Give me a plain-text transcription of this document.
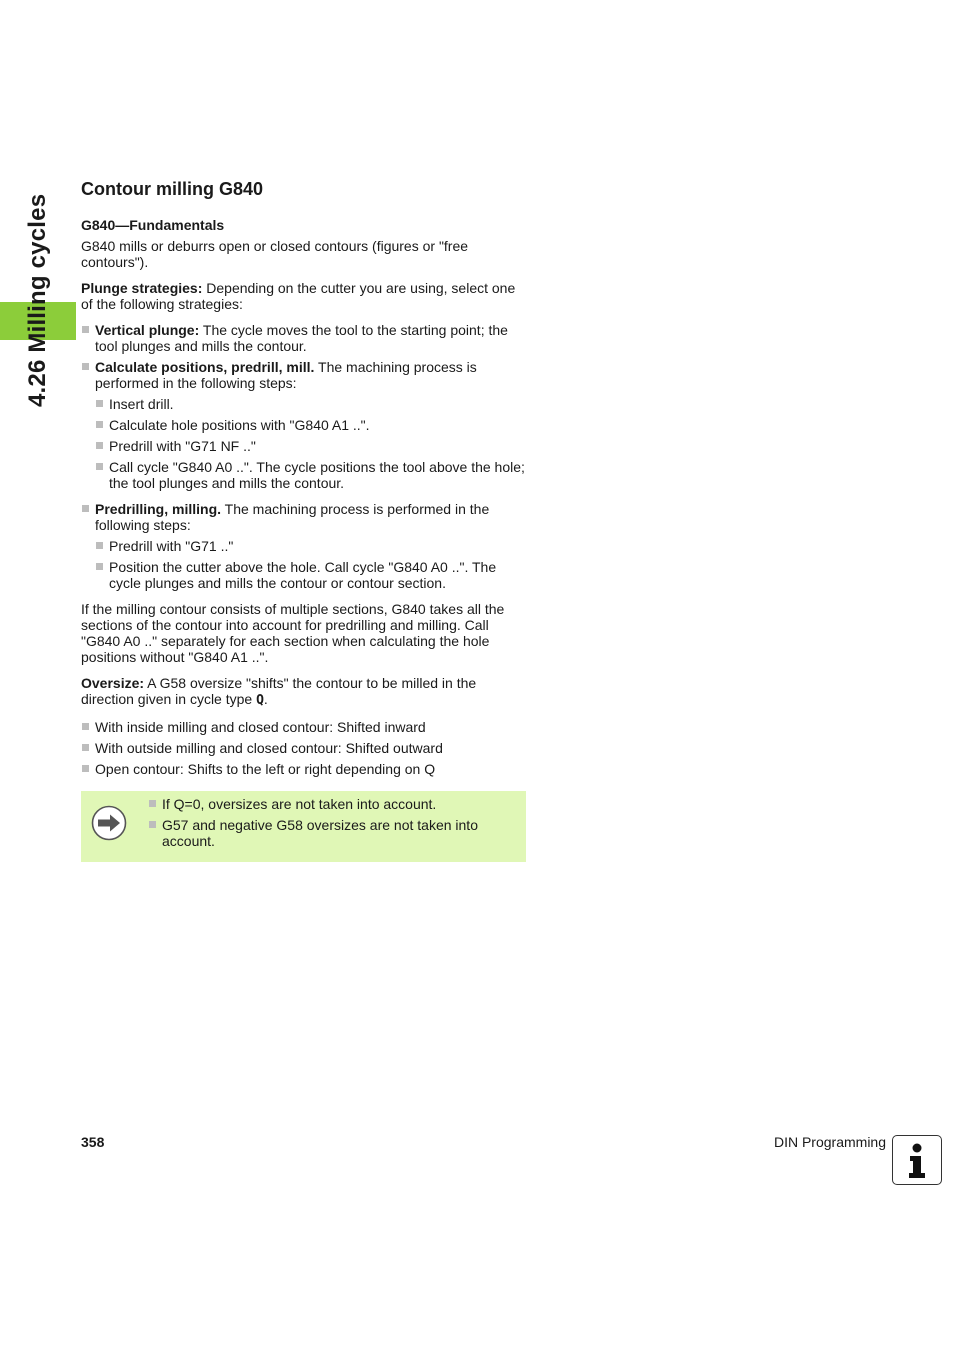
4.26 Milling cycles
Contour milling G840
G840—Fundamentals

G840 mills or deburrs open or closed contours (figures or "free contours").

Plunge strategies: Depending on the cutter you are using, select one of the following strategies:

Vertical plunge: The cycle moves the tool to the starting point; the tool plunges and mills the contour.
Calculate positions, predrill, mill. The machining process is performed in the following steps:
Insert drill.
Calculate hole positions with "G840 A1 ..".
Predrill with "G71 NF .."
Call cycle "G840 A0 ..". The cycle positions the tool above the hole; the tool plunges and mills the contour.
Predrilling, milling. The machining process is performed in the following steps:
Predrill with "G71 .."
Position the cutter above the hole. Call cycle "G840 A0 ..". The cycle plunges and mills the contour or contour section.

If the milling contour consists of multiple sections, G840 takes all the sections of the contour into account for predrilling and milling. Call "G840 A0 .." separately for each section when calculating the hole positions without "G840 A1 ..".

Oversize: A G58 oversize "shifts" the contour to be milled in the direction given in cycle type Q.

With inside milling and closed contour: Shifted inward
With outside milling and closed contour: Shifted outward
Open contour: Shifts to the left or right depending on Q
If Q=0, oversizes are not taken into account.
G57 and negative G58 oversizes are not taken into account.
358	DIN Programming
